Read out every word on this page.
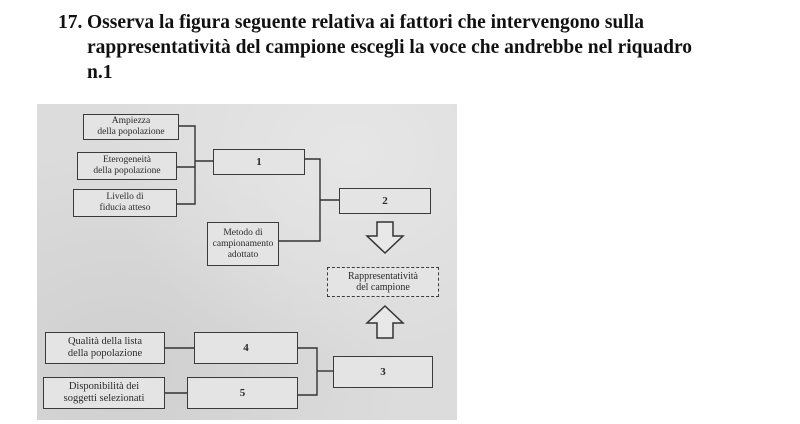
17. Osserva la figura seguente relativa ai fattori che intervengono sulla
rappresentatività del campione escegli la voce che andrebbe nel riquadro
n.1
Ampiezza
della popolazione
Eterogeneità
della popolazione
Livello di
fiducia atteso
1
2
Metodo di
campionamento
adottato
Rappresentatività
del campione
Qualità della lista
della popolazione	4
3
Disponibilità dei
soggetti selezionati	5
